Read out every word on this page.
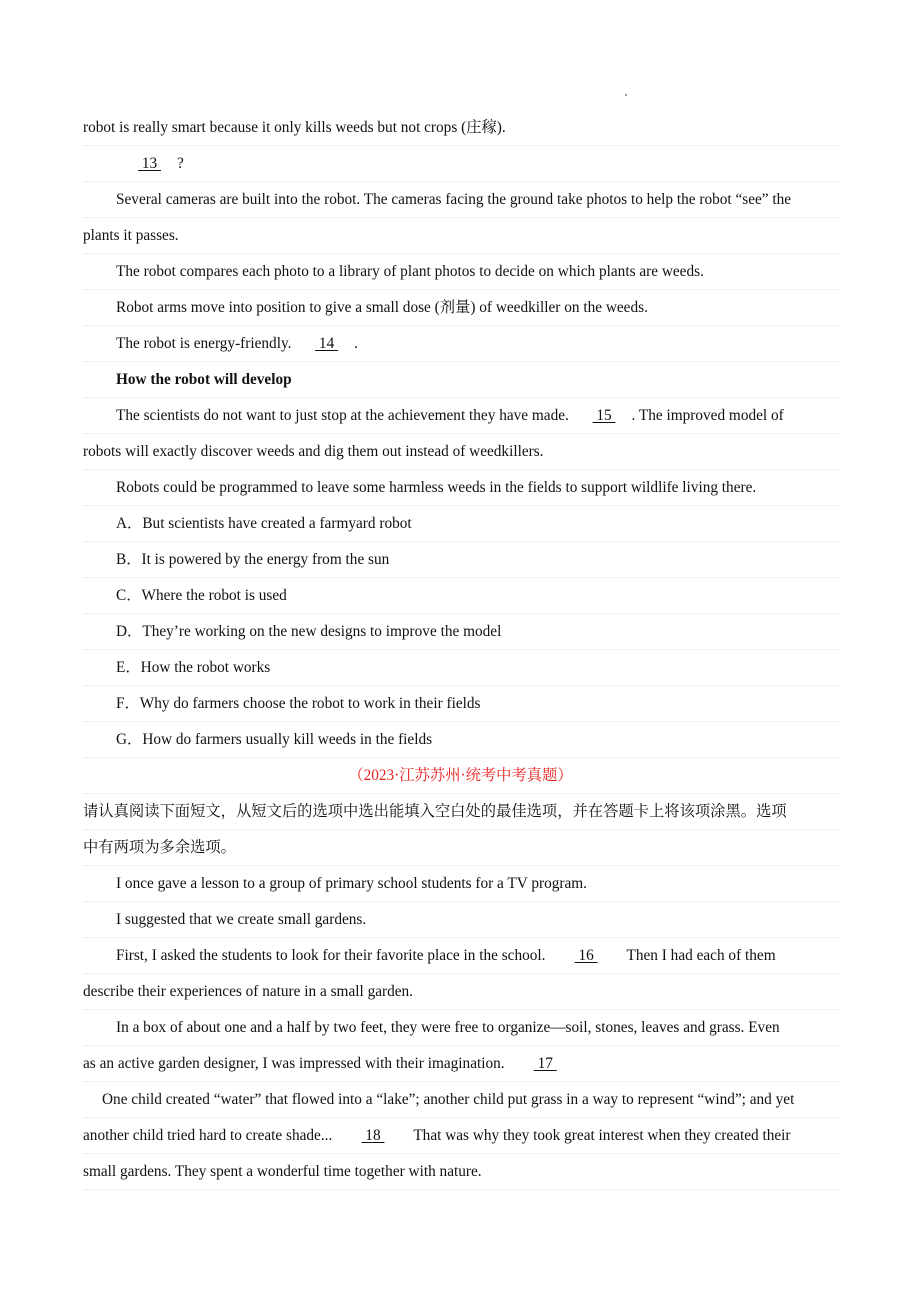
robot is really smart because it only kills weeds but not crops (庄稼).
13 ?
Several cameras are built into the robot. The cameras facing the ground take photos to help the robot “see” the
plants it passes.
The robot compares each photo to a library of plant photos to decide on which plants are weeds.
Robot arms move into position to give a small dose (剂量) of weedkiller on the weeds.
The robot is energy-friendly.   14 .
How the robot will develop
The scientists do not want to just stop at the achievement they have made.   15 . The improved model of
robots will exactly discover weeds and dig them out instead of weedkillers.
Robots could be programmed to leave some harmless weeds in the fields to support wildlife living there.
A．But scientists have created a farmyard robot
B．It is powered by the energy from the sun
C．Where the robot is used
D．They’re working on the new designs to improve the model
E．How the robot works
F．Why do farmers choose the robot to work in their fields
G．How do farmers usually kill weeds in the fields
（2023·江苏苏州·统考中考真题）
请认真阅读下面短文，从短文后的选项中选出能填入空白处的最佳选项，并在答题卡上将该项涂黑。选项
中有两项为多余选项。
I once gave a lesson to a group of primary school students for a TV program.
I suggested that we create small gardens.
First, I asked the students to look for their favorite place in the school.   16   Then I had each of them
describe their experiences of nature in a small garden.
In a box of about one and a half by two feet, they were free to organize—soil, stones, leaves and grass. Even
as an active garden designer, I was impressed with their imagination.   17
One child created “water” that flowed into a “lake”; another child put grass in a way to represent “wind”; and yet
another child tried hard to create shade...   18   That was why they took great interest when they created their
small gardens. They spent a wonderful time together with nature.
